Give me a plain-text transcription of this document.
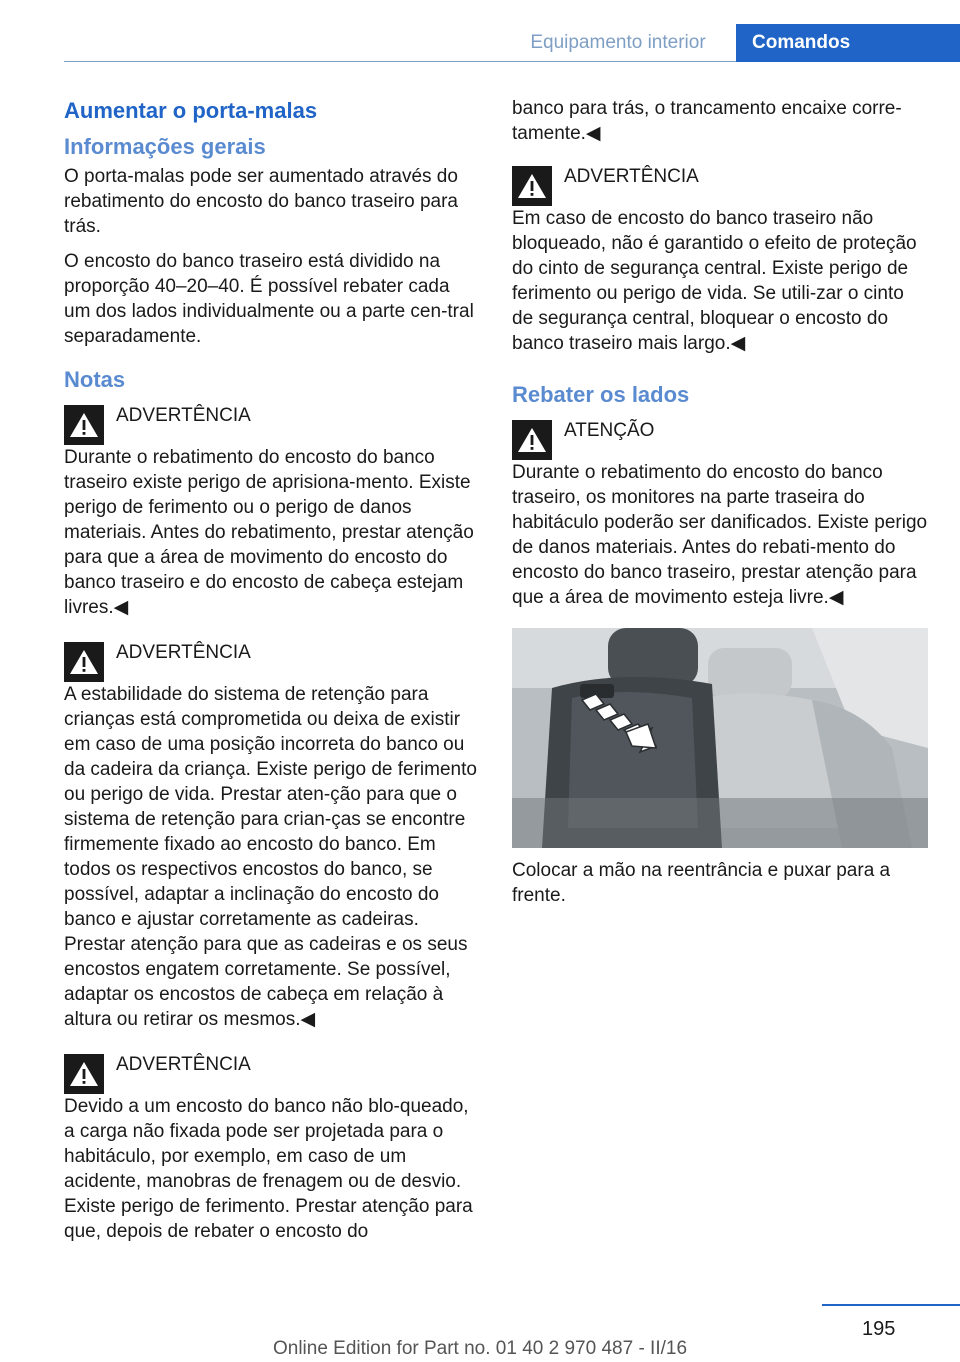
Equipamento interior	Comandos
Aumentar o porta-malas
Informações gerais

O porta-malas pode ser aumentado através do rebatimento do encosto do banco traseiro para trás.

O encosto do banco traseiro está dividido na proporção 40–20–40. É possível rebater cada um dos lados individualmente ou a parte cen‐tral separadamente.

Notas
ADVERTÊNCIA
Durante o rebatimento do encosto do banco traseiro existe perigo de aprisiona‐mento. Existe perigo de ferimento ou o perigo de danos materiais. Antes do rebatimento, prestar atenção para que a área de movimento do encosto do banco traseiro e do encosto de cabeça estejam livres.◀
ADVERTÊNCIA
A estabilidade do sistema de retenção para crianças está comprometida ou deixa de existir em caso de uma posição incorreta do banco ou da cadeira da criança. Existe perigo de ferimento ou perigo de vida. Prestar aten‐ção para que o sistema de retenção para crian‐ças se encontre firmemente fixado ao encosto do banco. Em todos os respectivos encostos do banco, se possível, adaptar a inclinação do encosto do banco e ajustar corretamente as cadeiras. Prestar atenção para que as cadeiras e os seus encostos engatem corretamente. Se possível, adaptar os encostos de cabeça em relação à altura ou retirar os mesmos.◀
ADVERTÊNCIA
Devido a um encosto do banco não blo‐queado, a carga não fixada pode ser projetada para o habitáculo, por exemplo, em caso de um acidente, manobras de frenagem ou de desvio. Existe perigo de ferimento. Prestar atenção para que, depois de rebater o encosto do

banco para trás, o trancamento encaixe corre‐tamente.◀

ADVERTÊNCIA
Em caso de encosto do banco traseiro não bloqueado, não é garantido o efeito de proteção do cinto de segurança central. Existe perigo de ferimento ou perigo de vida. Se utili‐zar o cinto de segurança central, bloquear o encosto do banco traseiro mais largo.◀
Rebater os lados
ATENÇÃO
Durante o rebatimento do encosto do banco traseiro, os monitores na parte traseira do habitáculo poderão ser danificados. Existe perigo de danos materiais. Antes do rebati‐mento do encosto do banco traseiro, prestar atenção para que a área de movimento esteja livre.◀

Colocar a mão na reentrância e puxar para a frente.

195
Online Edition for Part no. 01 40 2 970 487 - II/16
